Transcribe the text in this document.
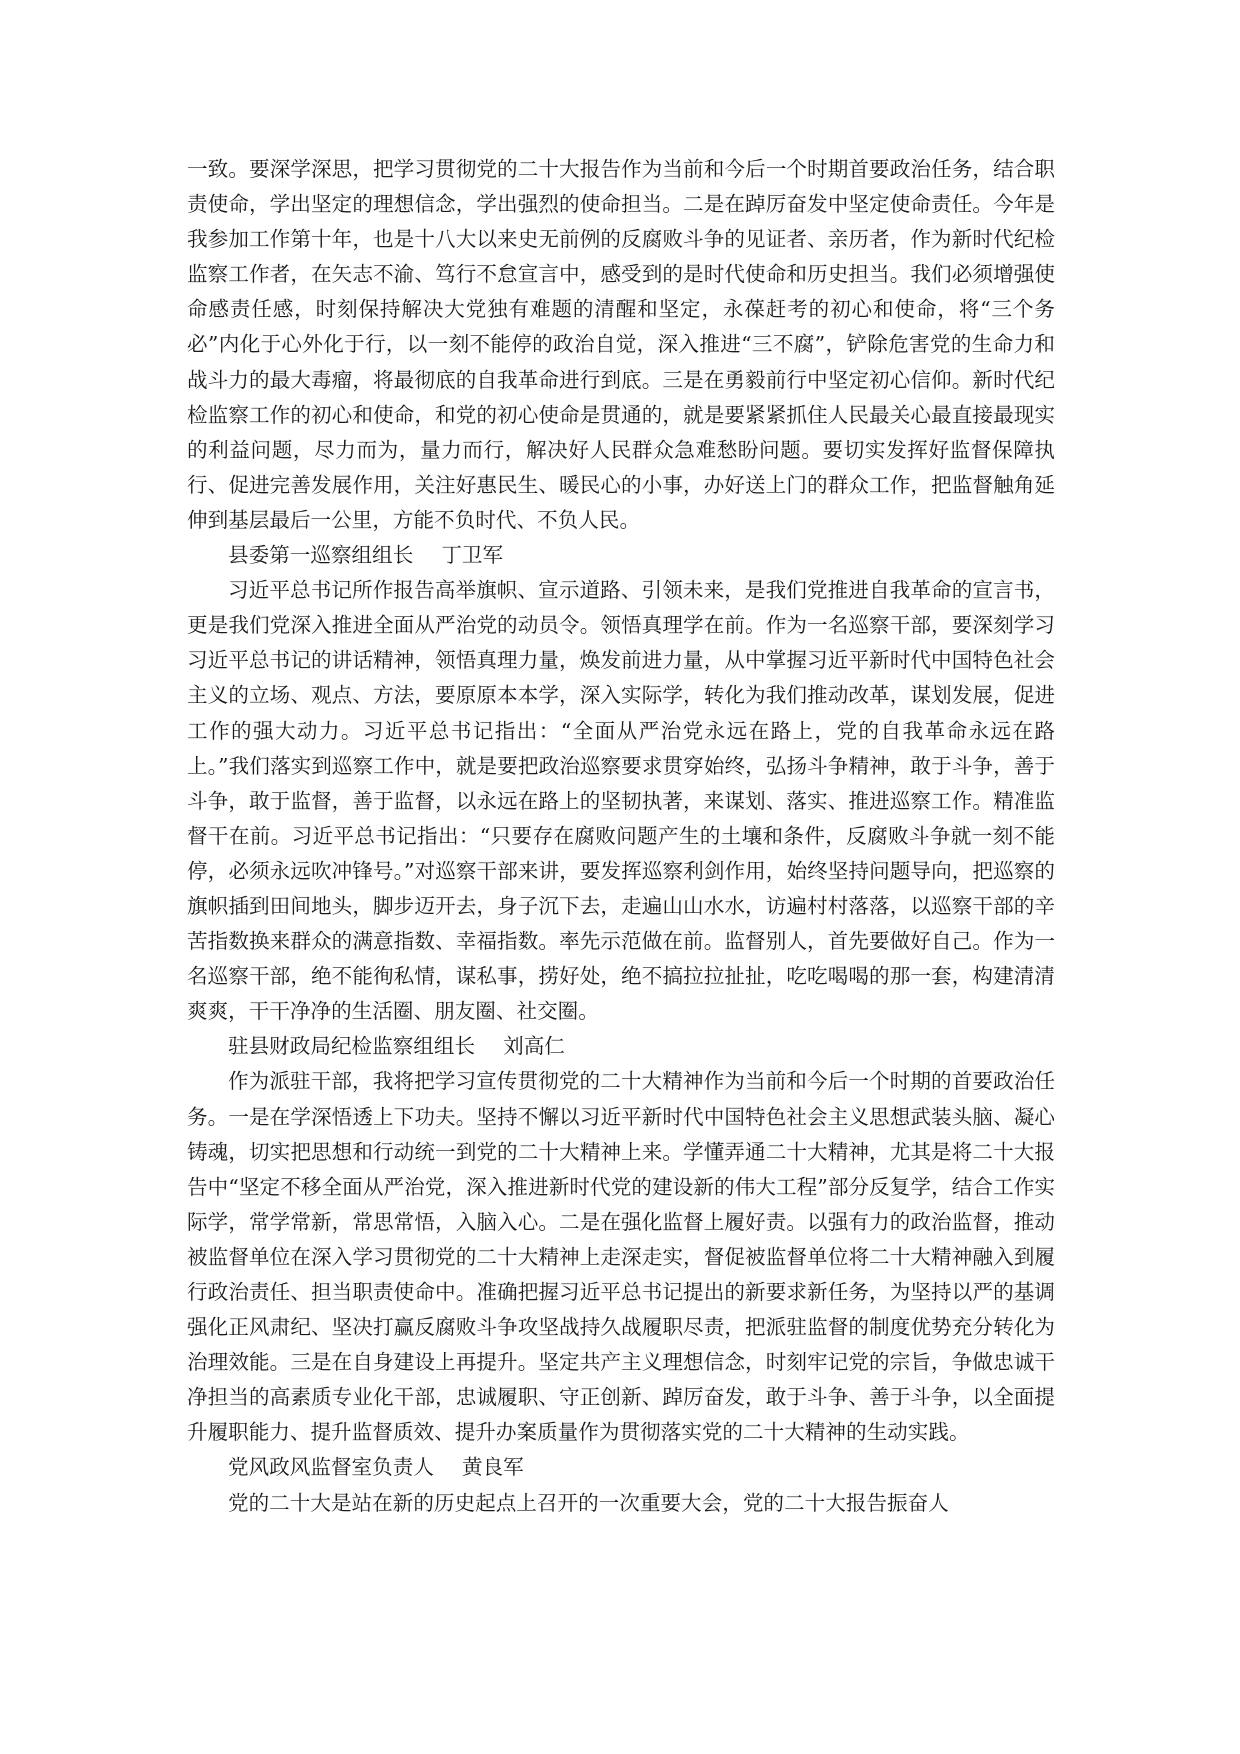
一致。要深学深思，把学习贯彻党的二十大报告作为当前和今后一个时期首要政治任务，结合职责使命，学出坚定的理想信念，学出强烈的使命担当。二是在踔厉奋发中坚定使命责任。今年是我参加工作第十年，也是十八大以来史无前例的反腐败斗争的见证者、亲历者，作为新时代纪检监察工作者，在矢志不渝、笃行不怠宣言中，感受到的是时代使命和历史担当。我们必须增强使命感责任感，时刻保持解决大党独有难题的清醒和坚定，永葆赶考的初心和使命，将“三个务必”内化于心外化于行，以一刻不能停的政治自觉，深入推进“三不腐”，铲除危害党的生命力和战斗力的最大毒瘤，将最彻底的自我革命进行到底。三是在勇毅前行中坚定初心信仰。新时代纪检监察工作的初心和使命，和党的初心使命是贯通的，就是要紧紧抓住人民最关心最直接最现实的利益问题，尽力而为，量力而行，解决好人民群众急难愁盼问题。要切实发挥好监督保障执行、促进完善发展作用，关注好惠民生、暖民心的小事，办好送上门的群众工作，把监督触角延伸到基层最后一公里，方能不负时代、不负人民。

县委第一巡察组组长 丁卫军

习近平总书记所作报告高举旗帜、宣示道路、引领未来，是我们党推进自我革命的宣言书，更是我们党深入推进全面从严治党的动员令。领悟真理学在前。作为一名巡察干部，要深刻学习习近平总书记的讲话精神，领悟真理力量，焕发前进力量，从中掌握习近平新时代中国特色社会主义的立场、观点、方法，要原原本本学，深入实际学，转化为我们推动改革，谋划发展，促进工作的强大动力。习近平总书记指出：“全面从严治党永远在路上，党的自我革命永远在路上。”我们落实到巡察工作中，就是要把政治巡察要求贯穿始终，弘扬斗争精神，敢于斗争，善于斗争，敢于监督，善于监督，以永远在路上的坚韧执著，来谋划、落实、推进巡察工作。精准监督干在前。习近平总书记指出：“只要存在腐败问题产生的土壤和条件，反腐败斗争就一刻不能停，必须永远吹冲锋号。”对巡察干部来讲，要发挥巡察利剑作用，始终坚持问题导向，把巡察的旗帜插到田间地头，脚步迈开去，身子沉下去，走遍山山水水，访遍村村落落，以巡察干部的辛苦指数换来群众的满意指数、幸福指数。率先示范做在前。监督别人，首先要做好自己。作为一名巡察干部，绝不能徇私情，谋私事，捞好处，绝不搞拉拉扯扯，吃吃喝喝的那一套，构建清清爽爽，干干净净的生活圈、朋友圈、社交圈。

驻县财政局纪检监察组组长 刘高仁

作为派驻干部，我将把学习宣传贯彻党的二十大精神作为当前和今后一个时期的首要政治任务。一是在学深悟透上下功夫。坚持不懈以习近平新时代中国特色社会主义思想武装头脑、凝心铸魂，切实把思想和行动统一到党的二十大精神上来。学懂弄通二十大精神，尤其是将二十大报告中“坚定不移全面从严治党，深入推进新时代党的建设新的伟大工程”部分反复学，结合工作实际学，常学常新，常思常悟，入脑入心。二是在强化监督上履好责。以强有力的政治监督，推动被监督单位在深入学习贯彻党的二十大精神上走深走实，督促被监督单位将二十大精神融入到履行政治责任、担当职责使命中。准确把握习近平总书记提出的新要求新任务，为坚持以严的基调强化正风肃纪、坚决打赢反腐败斗争攻坚战持久战履职尽责，把派驻监督的制度优势充分转化为治理效能。三是在自身建设上再提升。坚定共产主义理想信念，时刻牢记党的宗旨，争做忠诚干净担当的高素质专业化干部，忠诚履职、守正创新、踔厉奋发，敢于斗争、善于斗争，以全面提升履职能力、提升监督质效、提升办案质量作为贯彻落实党的二十大精神的生动实践。

党风政风监督室负责人 黄良军

党的二十大是站在新的历史起点上召开的一次重要大会，党的二十大报告振奋人
